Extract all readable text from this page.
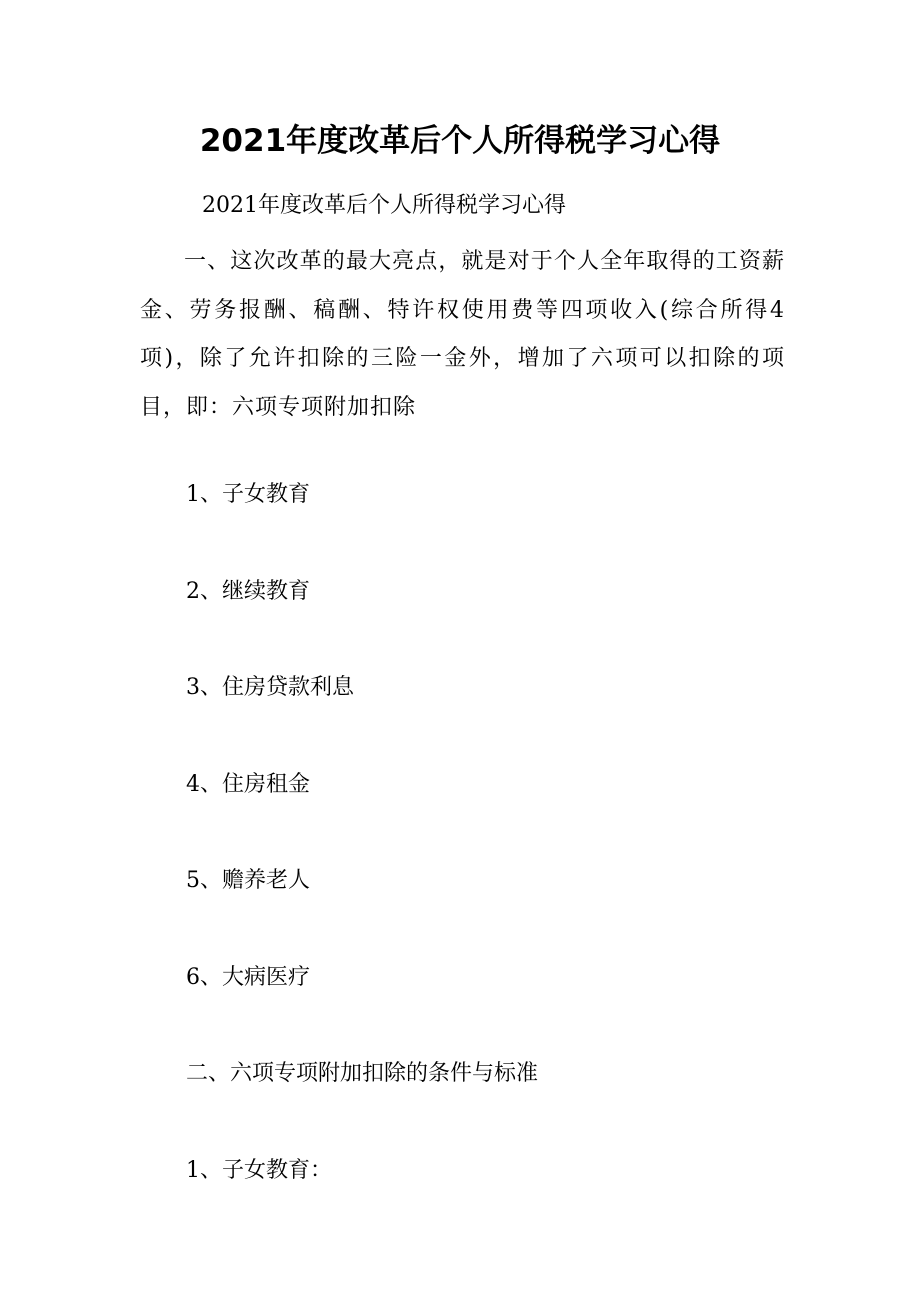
2021年度改革后个人所得税学习心得
2021年度改革后个人所得税学习心得
一、这次改革的最大亮点，就是对于个人全年取得的工资薪金、劳务报酬、稿酬、特许权使用费等四项收入(综合所得4项)，除了允许扣除的三险一金外，增加了六项可以扣除的项目，即：六项专项附加扣除
1、子女教育
2、继续教育
3、住房贷款利息
4、住房租金
5、赡养老人
6、大病医疗
二、六项专项附加扣除的条件与标准
1、子女教育：
